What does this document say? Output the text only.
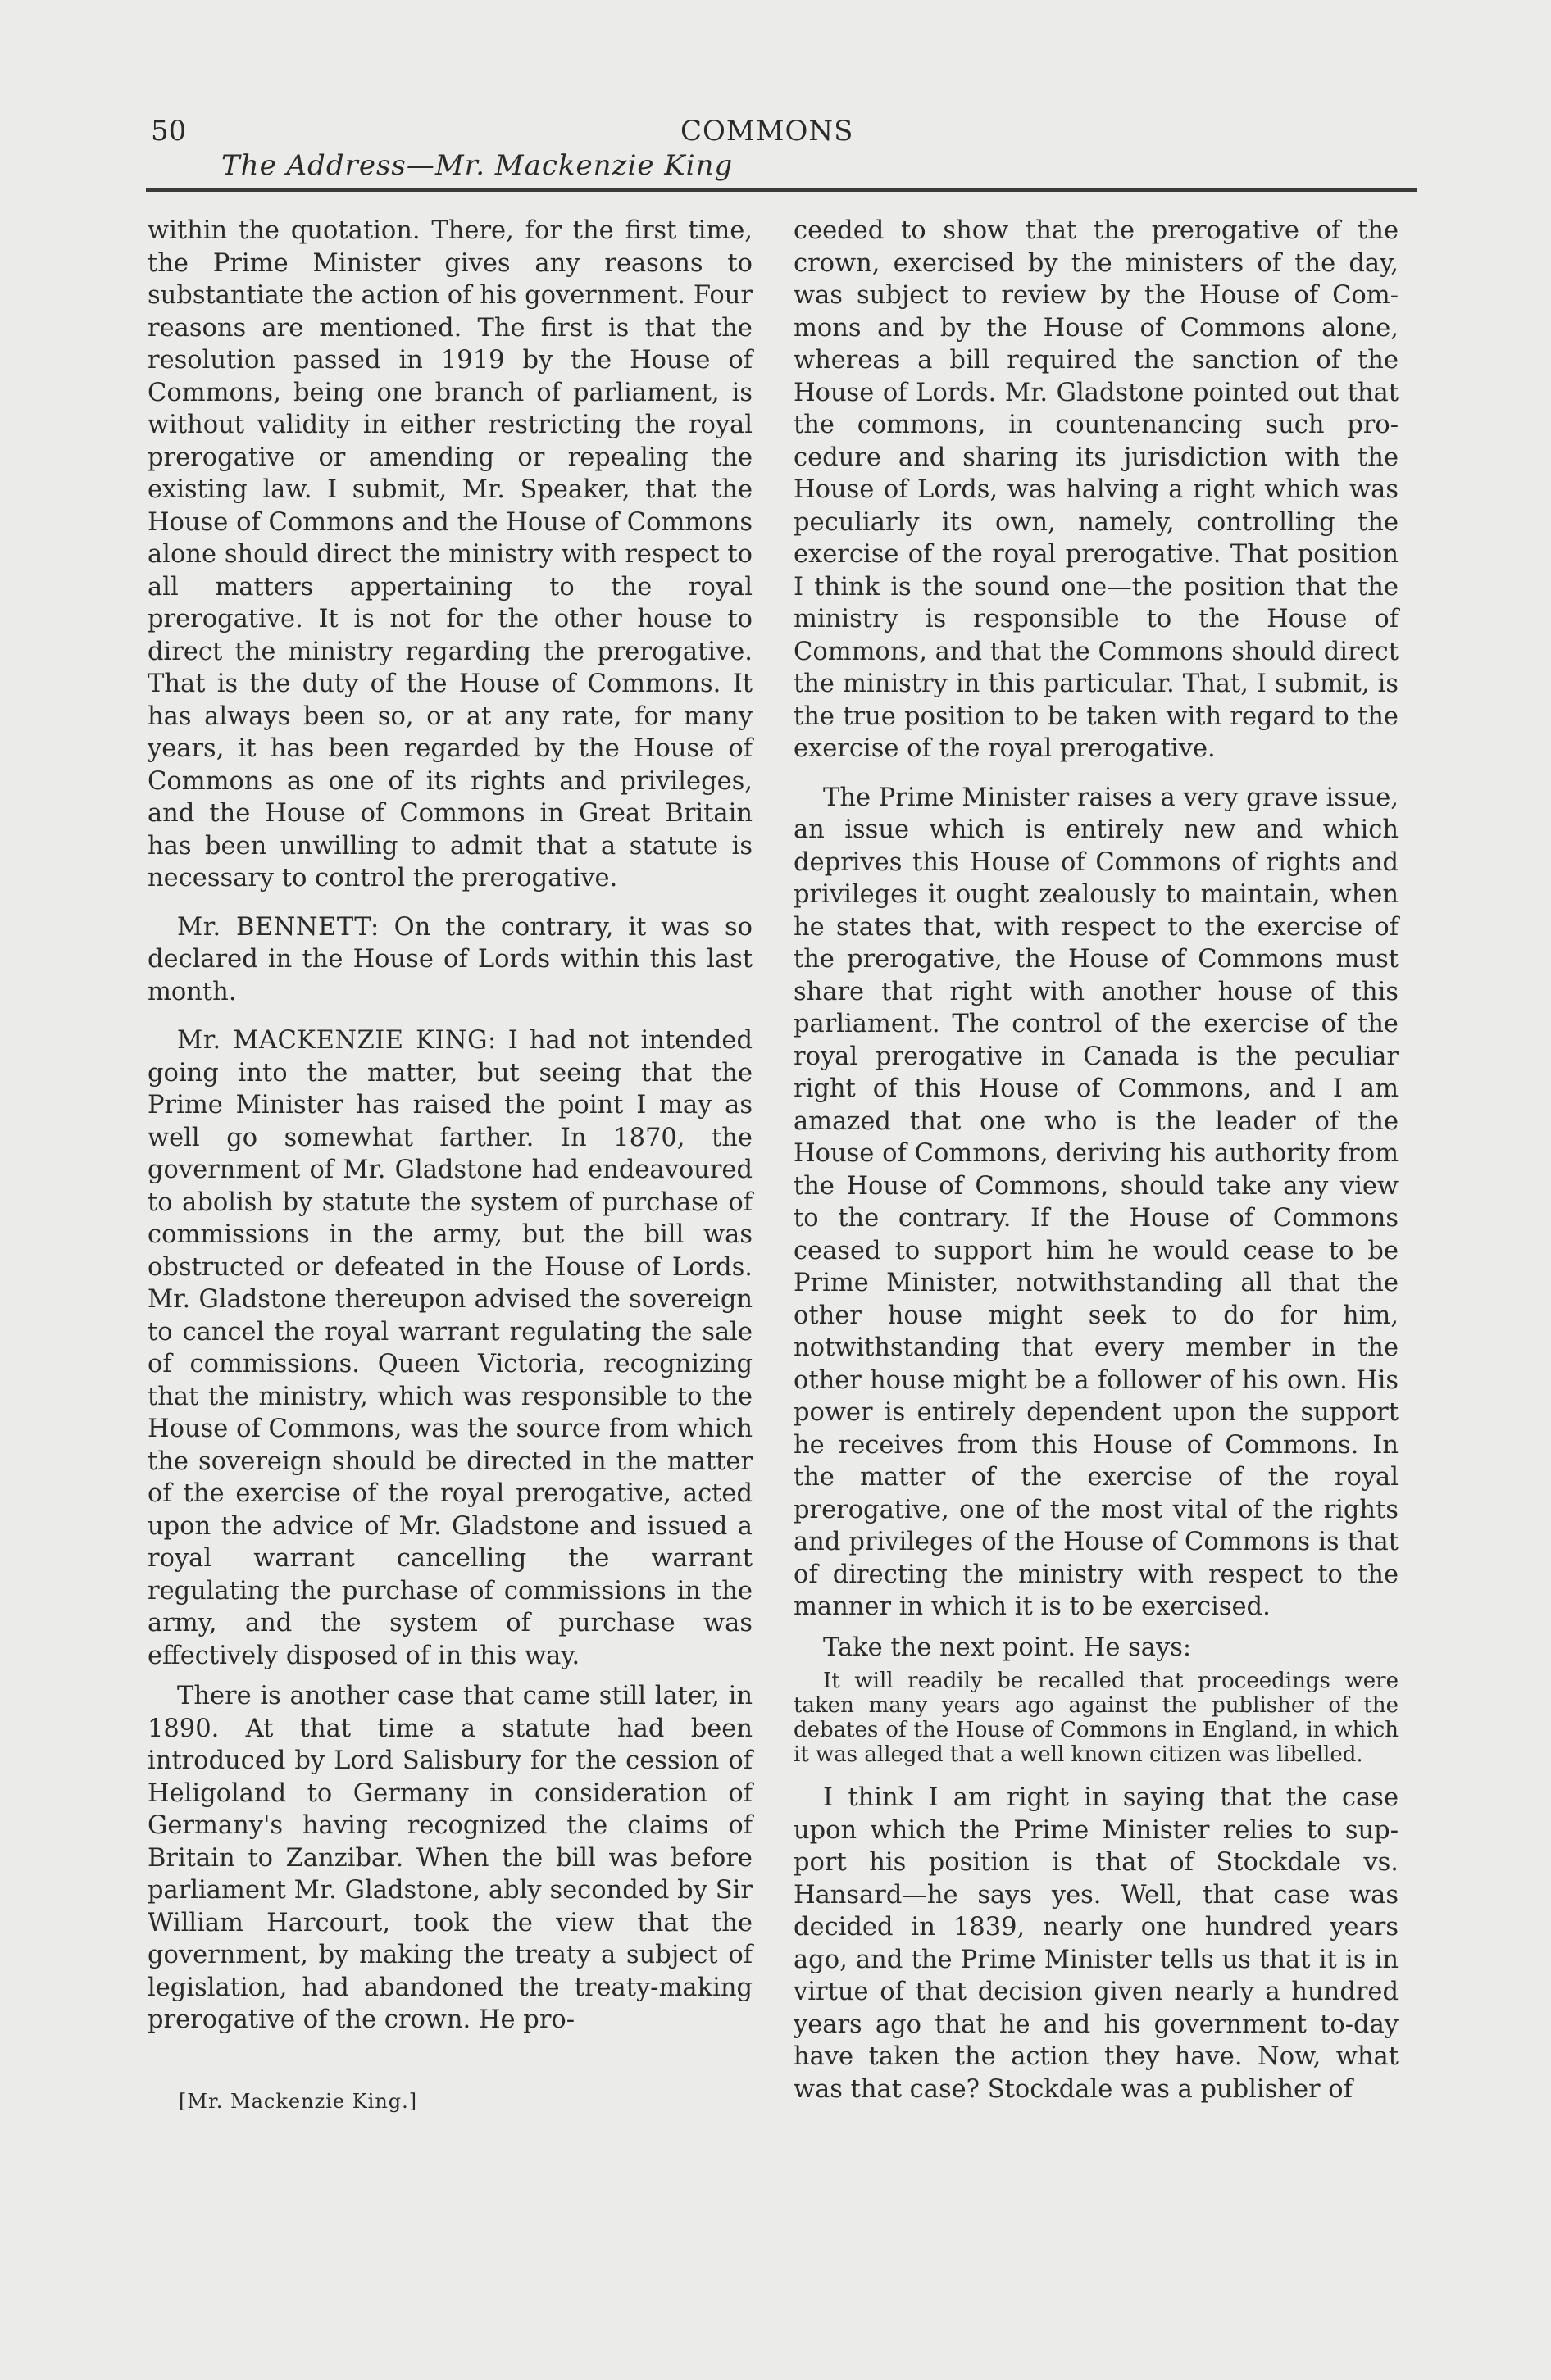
50	COMMONS
The Address—Mr. Mackenzie King

within the quotation. There, for the first time, the Prime Minister gives any reasons to substantiate the action of his government. Four reasons are mentioned. The first is that the resolution passed in 1919 by the House of Commons, being one branch of parliament, is without validity in either restricting the royal prerogative or amending or repealing the existing law. I submit, Mr. Speaker, that the House of Commons and the House of Commons alone should direct the ministry with respect to all matters appertaining to the royal prerogative. It is not for the other house to direct the ministry regarding the prerogative. That is the duty of the House of Commons. It has always been so, or at any rate, for many years, it has been regarded by the House of Commons as one of its rights and privileges, and the House of Commons in Great Britain has been unwilling to admit that a statute is necessary to control the prerogative.

Mr. BENNETT: On the contrary, it was so declared in the House of Lords within this last month.

Mr. MACKENZIE KING: I had not intended going into the matter, but seeing that the Prime Minister has raised the point I may as well go somewhat farther. In 1870, the government of Mr. Gladstone had endeavoured to abolish by statute the system of purchase of commissions in the army, but the bill was obstructed or defeated in the House of Lords. Mr. Gladstone thereupon advised the sovereign to cancel the royal warrant regulating the sale of commissions. Queen Victoria, recognizing that the ministry, which was responsible to the House of Commons, was the source from which the sovereign should be directed in the matter of the exercise of the royal prerogative, acted upon the advice of Mr. Gladstone and issued a royal warrant cancelling the warrant regulating the purchase of commissions in the army, and the system of purchase was effectively disposed of in this way.

There is another case that came still later, in 1890. At that time a statute had been introduced by Lord Salisbury for the cession of Heligoland to Germany in consideration of Germany's having recognized the claims of Britain to Zanzibar. When the bill was before parliament Mr. Gladstone, ably seconded by Sir William Harcourt, took the view that the government, by making the treaty a subject of legislation, had abandoned the treaty-making prerogative of the crown. He pro-

ceeded to show that the prerogative of the crown, exercised by the ministers of the day, was subject to review by the House of Commons and by the House of Commons alone, whereas a bill required the sanction of the House of Lords. Mr. Gladstone pointed out that the commons, in countenancing such procedure and sharing its jurisdiction with the House of Lords, was halving a right which was peculiarly its own, namely, controlling the exercise of the royal prerogative. That position I think is the sound one—the position that the ministry is responsible to the House of Commons, and that the Commons should direct the ministry in this particular. That, I submit, is the true position to be taken with regard to the exercise of the royal prerogative.

The Prime Minister raises a very grave issue, an issue which is entirely new and which deprives this House of Commons of rights and privileges it ought zealously to maintain, when he states that, with respect to the exercise of the prerogative, the House of Commons must share that right with another house of this parliament. The control of the exercise of the royal prerogative in Canada is the peculiar right of this House of Commons, and I am amazed that one who is the leader of the House of Commons, deriving his authority from the House of Commons, should take any view to the contrary. If the House of Commons ceased to support him he would cease to be Prime Minister, notwithstanding all that the other house might seek to do for him, notwithstanding that every member in the other house might be a follower of his own. His power is entirely dependent upon the support he receives from this House of Commons. In the matter of the exercise of the royal prerogative, one of the most vital of the rights and privileges of the House of Commons is that of directing the ministry with respect to the manner in which it is to be exercised.

Take the next point. He says:

It will readily be recalled that proceedings were taken many years ago against the publisher of the debates of the House of Commons in England, in which it was alleged that a well known citizen was libelled.

I think I am right in saying that the case upon which the Prime Minister relies to support his position is that of Stockdale vs. Hansard—he says yes. Well, that case was decided in 1839, nearly one hundred years ago, and the Prime Minister tells us that it is in virtue of that decision given nearly a hundred years ago that he and his government to-day have taken the action they have. Now, what was that case? Stockdale was a publisher of

[Mr. Mackenzie King.]
